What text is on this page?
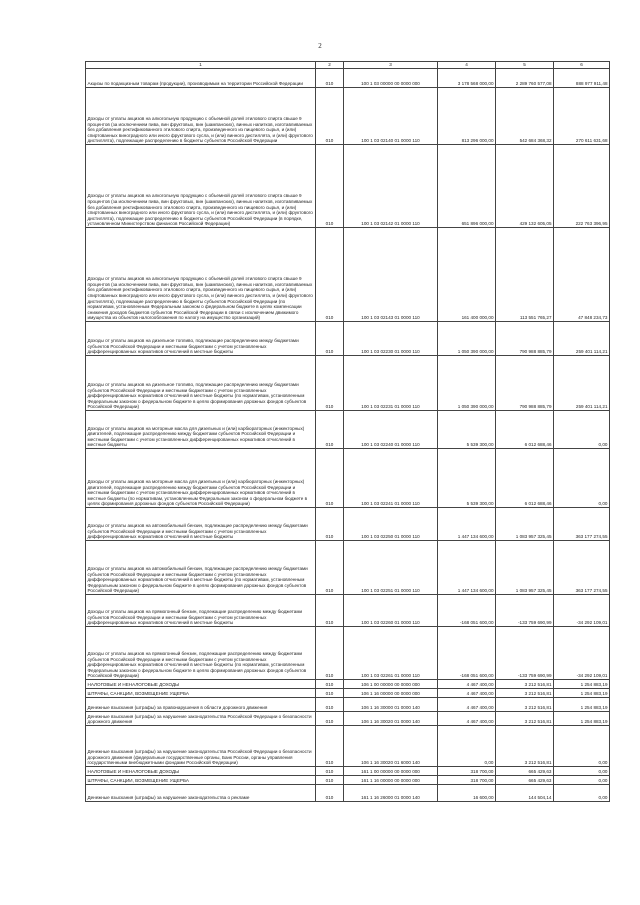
2
1	2	3	4	5	6
Акцизы по подакцизным товарам (продукции), производимым на территории Российской Федерации	010	100 1 03 00000 00 0000 000	3 178 568 000,00	2 289 760 577,08	888 977 911,48
Доходы от уплаты акцизов на алкогольную продукцию с объемной долей этилового спирта свыше 9 процентов (за исключением пива, вин фруктовых, вин (шампанских), винных напитков, изготавливаемых без добавления ректификованного этилового спирта, произведенного из пищевого сырья, и (или) спиртованных виноградного или иного фруктового сусла, и (или) винного дистиллята, и (или) фруктового дистиллята), подлежащие распределению в бюджеты субъектов Российской Федерации	010	100 1 03 02140 01 0000 110	813 296 000,00	542 684 368,32	270 611 631,68
Доходы от уплаты акцизов на алкогольную продукцию с объемной долей этилового спирта свыше 9 процентов (за исключением пива, вин фруктовых, вин (шампанских), винных напитков, изготавливаемых без добавления ректификованного этилового спирта, произведенного из пищевого сырья, и (или) спиртованных виноградного или иного фруктового сусла, и (или) винного дистиллята, и (или) фруктового дистиллята), подлежащие распределению в бюджеты субъектов Российской Федерации (в порядке, установленном Министерством финансов Российской Федерации)	010	100 1 03 02142 01 0000 110	651 896 000,00	429 132 605,05	222 763 396,95
Доходы от уплаты акцизов на алкогольную продукцию с объемной долей этилового спирта свыше 9 процентов (за исключением пива, вин фруктовых, вин (шампанских), винных напитков, изготавливаемых без добавления ректификованного этилового спирта, произведенного из пищевого сырья, и (или) спиртованных виноградного или иного фруктового сусла, и (или) винного дистиллята, и (или) фруктового дистиллята), подлежащие распределению в бюджеты субъектов Российской Федерации (по нормативам, установленным Федеральным законом о федеральном бюджете в целях компенсации снижения доходов бюджетов субъектов Российской Федерации в связи с исключением движимого имущества из объектов налогообложения по налогу на имущество организаций)	010	100 1 03 02143 01 0000 110	161 400 000,00	113 551 765,27	47 848 234,73
Доходы от уплаты акцизов на дизельное топливо, подлежащие распределению между бюджетами субъектов Российской Федерации и местными бюджетами с учетом установленных дифференцированных нормативов отчислений в местные бюджеты	010	100 1 03 02230 01 0000 110	1 050 390 000,00	790 988 885,79	259 401 114,21
Доходы от уплаты акцизов на дизельное топливо, подлежащие распределению между бюджетами субъектов Российской Федерации и местными бюджетами с учетом установленных дифференцированных нормативов отчислений в местные бюджеты (по нормативам, установленным Федеральным законом о федеральном бюджете в целях формирования дорожных фондов субъектов Российской Федерации)	010	100 1 03 02231 01 0000 110	1 050 390 000,00	790 988 885,79	259 401 114,21
Доходы от уплаты акцизов на моторные масла для дизельных и (или) карбюраторных (инжекторных) двигателей, подлежащие распределению между бюджетами субъектов Российской Федерации и местными бюджетами с учетом установленных дифференцированных нормативов отчислений в местные бюджеты	010	100 1 03 02240 01 0000 110	5 539 300,00	6 012 688,46	0,00
Доходы от уплаты акцизов на моторные масла для дизельных и (или) карбюраторных (инжекторных) двигателей, подлежащие распределению между бюджетами субъектов Российской Федерации и местными бюджетами с учетом установленных дифференцированных нормативов отчислений в местные бюджеты (по нормативам, установленным Федеральным законом о федеральном бюджете в целях формирования дорожных фондов субъектов Российской Федерации)	010	100 1 03 02241 01 0000 110	5 539 300,00	6 012 688,46	0,00
Доходы от уплаты акцизов на автомобильный бензин, подлежащие распределению между бюджетами субъектов Российской Федерации и местными бюджетами с учетом установленных дифференцированных нормативов отчислений в местные бюджеты	010	100 1 03 02250 01 0000 110	1 447 134 600,00	1 083 957 325,45	363 177 274,55
Доходы от уплаты акцизов на автомобильный бензин, подлежащие распределению между бюджетами субъектов Российской Федерации и местными бюджетами с учетом установленных дифференцированных нормативов отчислений в местные бюджеты (по нормативам, установленным Федеральным законом о федеральном бюджете в целях формирования дорожных фондов субъектов Российской Федерации)	010	100 1 03 02251 01 0000 110	1 447 134 600,00	1 083 957 325,45	363 177 274,55
Доходы от уплаты акцизов на прямогонный бензин, подлежащие распределению между бюджетами субъектов Российской Федерации и местными бюджетами с учетом установленных дифференцированных нормативов отчислений в местные бюджеты	010	100 1 03 02260 01 0000 110	-168 051 600,00	-133 759 690,99	-34 292 109,01
Доходы от уплаты акцизов на прямогонный бензин, подлежащие распределению между бюджетами субъектов Российской Федерации и местными бюджетами с учетом установленных дифференцированных нормативов отчислений в местные бюджеты (по нормативам, установленным Федеральным законом о федеральном бюджете в целях формирования дорожных фондов субъектов Российской Федерации)	010	100 1 03 02261 01 0000 110	-168 051 600,00	-133 759 690,99	-34 292 109,01
НАЛОГОВЫЕ И НЕНАЛОГОВЫЕ ДОХОДЫ	010	106 1 00 00000 00 0000 000	4 467 400,00	3 212 516,81	1 254 883,19
ШТРАФЫ, САНКЦИИ, ВОЗМЕЩЕНИЕ УЩЕРБА	010	106 1 16 00000 00 0000 000	4 467 400,00	3 212 516,81	1 254 883,19
Денежные взыскания (штрафы) за правонарушения в области дорожного движения	010	106 1 16 30000 01 0000 140	4 467 400,00	3 212 516,81	1 254 883,19
Денежные взыскания (штрафы) за нарушение законодательства Российской Федерации о безопасности дорожного движения	010	106 1 16 30020 01 0000 140	4 467 400,00	3 212 516,81	1 254 883,19
Денежные взыскания (штрафы) за нарушение законодательства Российской Федерации о безопасности дорожного движения (федеральные государственные органы, Банк России, органы управления государственными внебюджетными фондами Российской Федерации)	010	106 1 16 30020 01 6000 140	0,00	3 212 516,81	0,00
НАЛОГОВЫЕ И НЕНАЛОГОВЫЕ ДОХОДЫ	010	161 1 00 00000 00 0000 000	318 700,00	665 429,63	0,00
ШТРАФЫ, САНКЦИИ, ВОЗМЕЩЕНИЕ УЩЕРБА	010	161 1 16 00000 00 0000 000	318 700,00	665 429,63	0,00
Денежные взыскания (штрафы) за нарушение законодательства о рекламе	010	161 1 16 26000 01 0000 140	16 600,00	144 504,14	0,00
